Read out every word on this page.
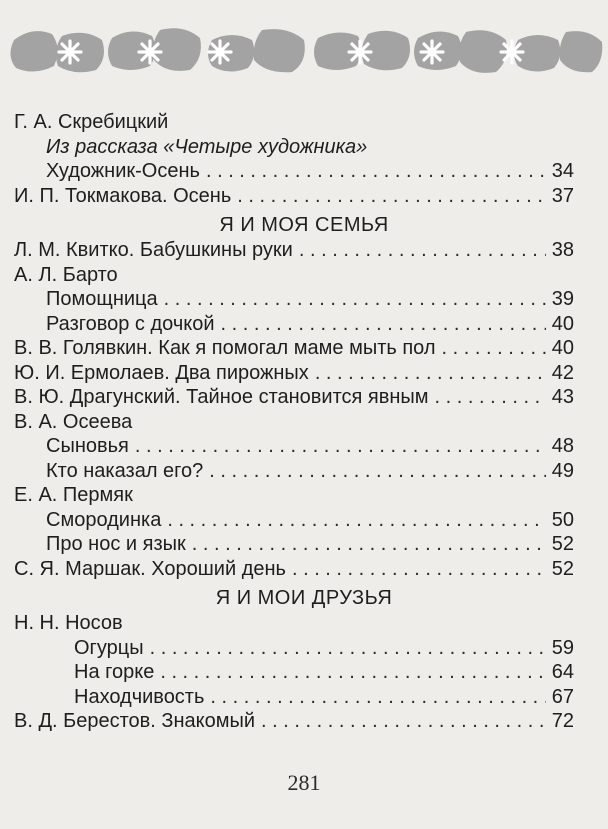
Г. А. Скребицкий
Из рассказа «Четыре художника»
Художник-Осень . . .	34
И. П. Токмакова. Осень . . .	37
Я И МОЯ СЕМЬЯ
Л. М. Квитко. Бабушкины руки . . .	38
А. Л. Барто
Помощница . . .	39
Разговор с дочкой . . .	40
В. В. Голявкин. Как я помогал маме мыть пол . . .	40
Ю. И. Ермолаев. Два пирожных . . .	42
В. Ю. Драгунский. Тайное становится явным . . .	43
В. А. Осеева
Сыновья . . .	48
Кто наказал его? . . .	49
Е. А. Пермяк
Смородинка . . .	50
Про нос и язык . . .	52
С. Я. Маршак. Хороший день . . .	52
Я И МОИ ДРУЗЬЯ
Н. Н. Носов
Огурцы . . .	59
На горке . . .	64
Находчивость . . .	67
В. Д. Берестов. Знакомый . . .	72
281
